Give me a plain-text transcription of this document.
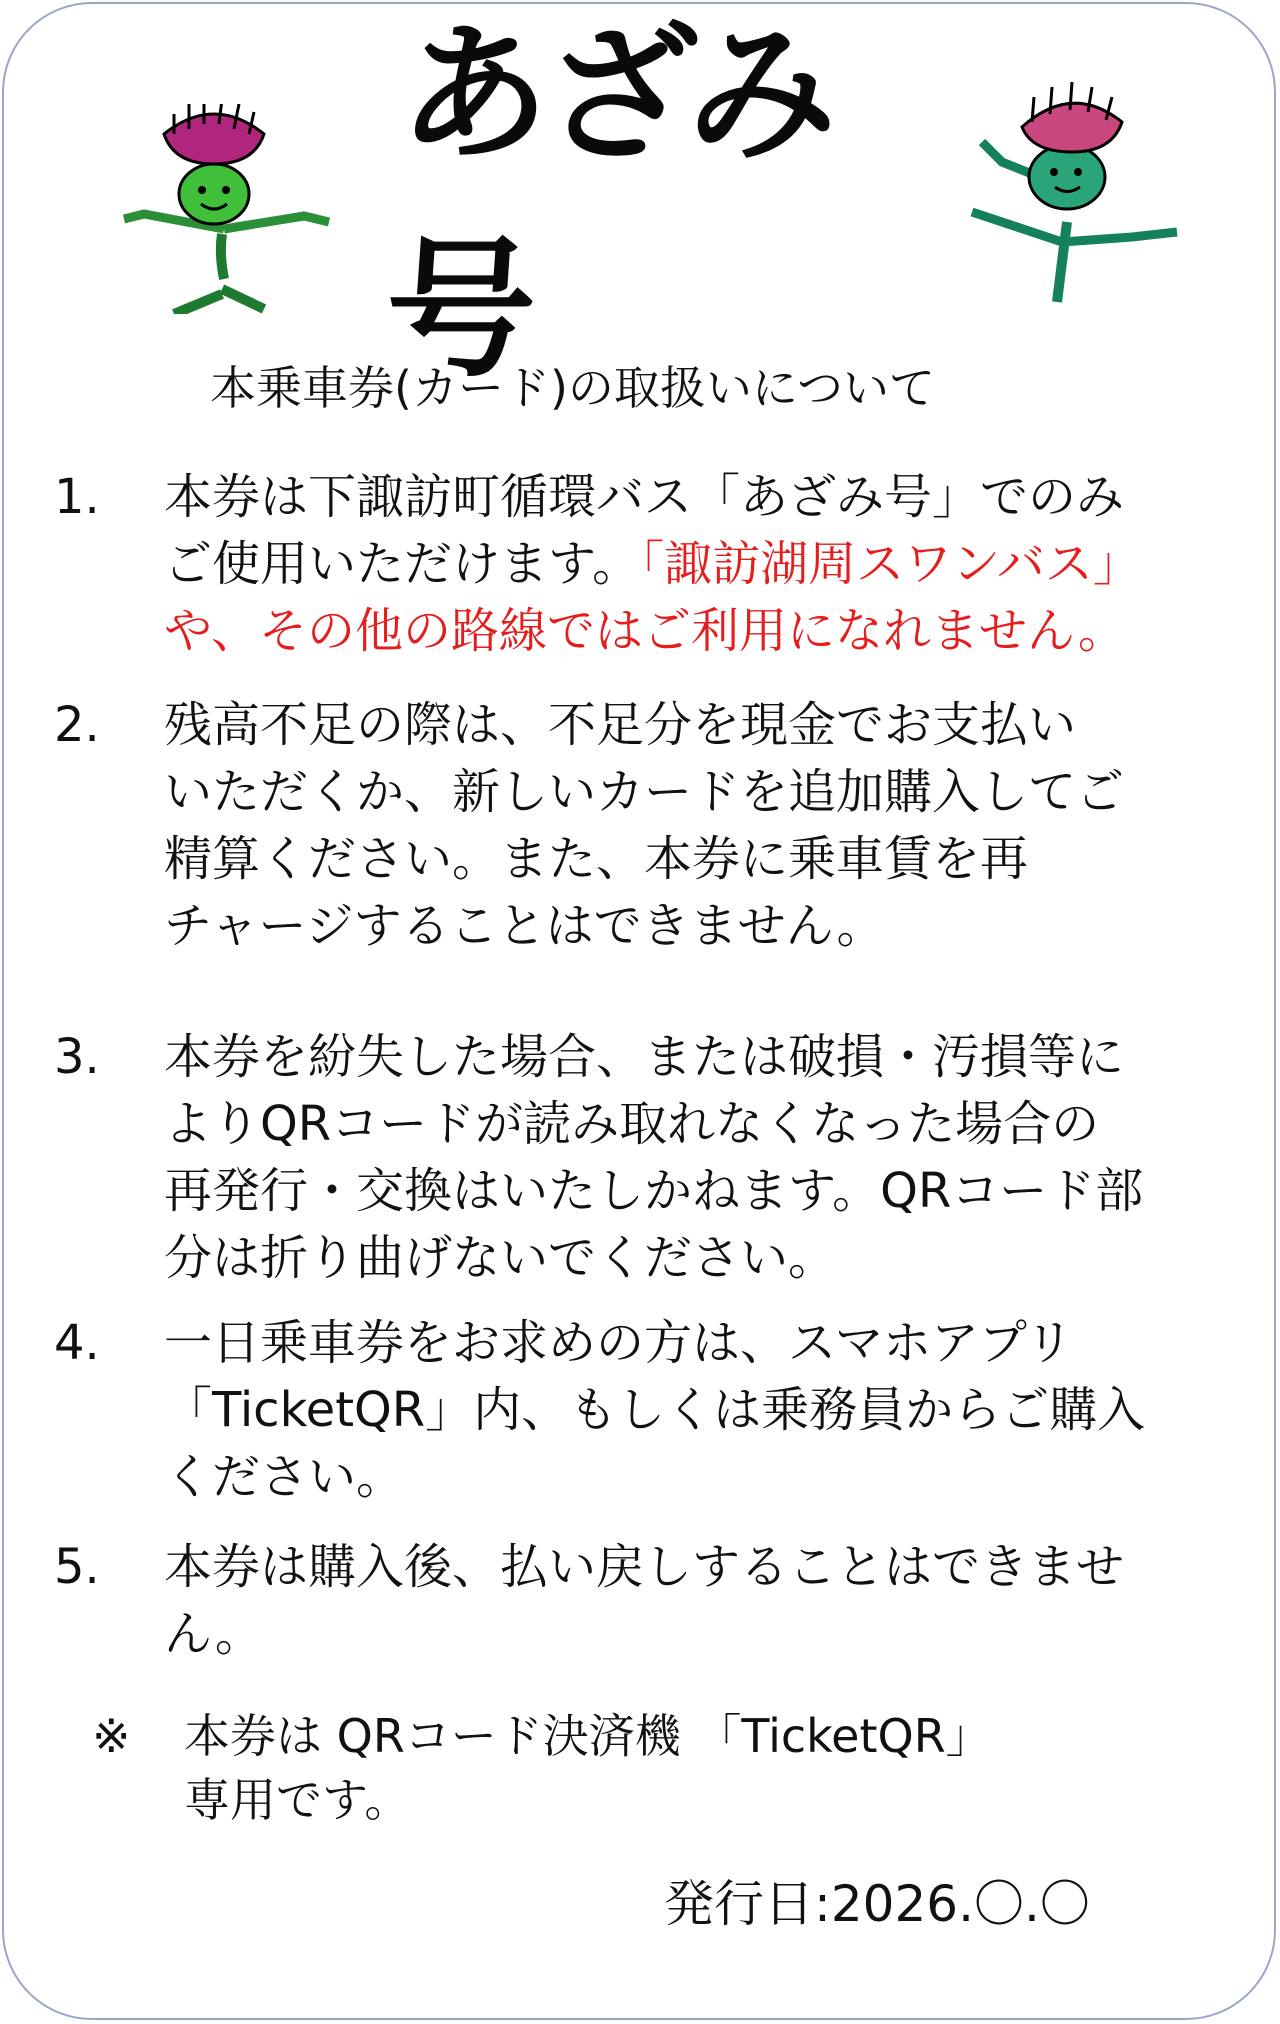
あざみ号
本乗車券(カード)の取扱いについて
1.	本券は下諏訪町循環バス「あざみ号」でのみ
ご使用いただけます。「諏訪湖周スワンバス」
や、その他の路線ではご利用になれません。
2.	残高不足の際は、不足分を現金でお支払い
いただくか、新しいカードを追加購入してご
精算ください。また、本券に乗車賃を再
チャージすることはできません。
3.	本券を紛失した場合、または破損・汚損等に
よりQRコードが読み取れなくなった場合の
再発行・交換はいたしかねます。QRコード部
分は折り曲げないでください。
4.	一日乗車券をお求めの方は、スマホアプリ
「TicketQR」内、もしくは乗務員からご購入
ください。
5.	本券は購入後、払い戻しすることはできませ
ん。
※ 本券は QRコード決済機 「TicketQR」
専用です。
発行日:2026.〇.〇
